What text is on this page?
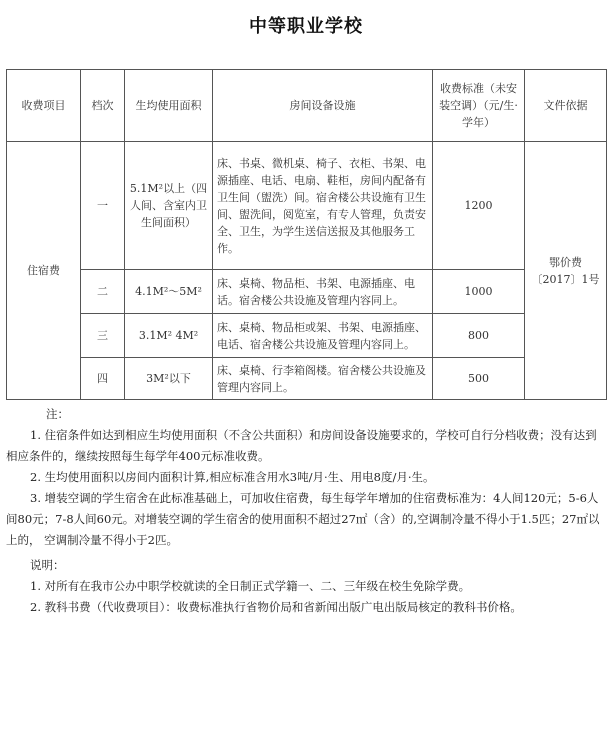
中等职业学校
收费项目	档次	生均使用面积	房间设备设施	收费标准（未安装空调）（元/生·学年）	文件依据
住宿费	一	5.1M²以上（四人间、含室内卫生间面积）	床、书桌、微机桌、椅子、衣柜、书架、电源插座、电话、电扇、鞋柜，房间内配备有卫生间（盥洗）间。宿舍楼公共设施有卫生间、盥洗间，阅览室，有专人管理，负责安全、卫生，为学生送信送报及其他服务工作。	1200	鄂价费〔2017〕1号
	二	4.1M²～5M²	床、桌椅、物品柜、书架、电源插座、电话。宿舍楼公共设施及管理内容同上。	1000	
	三	3.1M² 4M²	床、桌椅、物品柜或架、书架、电源插座、电话、宿舍楼公共设施及管理内容同上。	800	
	四	3M²以下	床、桌椅、行李箱阁楼。宿舍楼公共设施及管理内容同上。	500	

注：

1. 住宿条件如达到相应生均使用面积（不含公共面积）和房间设备设施要求的，学校可自行分档收费；没有达到相应条件的，继续按照每生每学年400元标准收费。

2. 生均使用面积以房间内面积计算,相应标准含用水3吨/月·生、用电8度/月·生。

3. 增装空调的学生宿舍在此标准基础上，可加收住宿费，每生每学年增加的住宿费标准为：4人间120元；5-6人间80元；7-8人间60元。对增装空调的学生宿舍的使用面积不超过27㎡（含）的,空调制冷量不得小于1.5匹；27㎡以上的， 空调制冷量不得小于2匹。

说明：

1. 对所有在我市公办中职学校就读的全日制正式学籍一、二、三年级在校生免除学费。

2. 教科书费（代收费项目）：收费标准执行省物价局和省新闻出版广电出版局核定的教科书价格。
